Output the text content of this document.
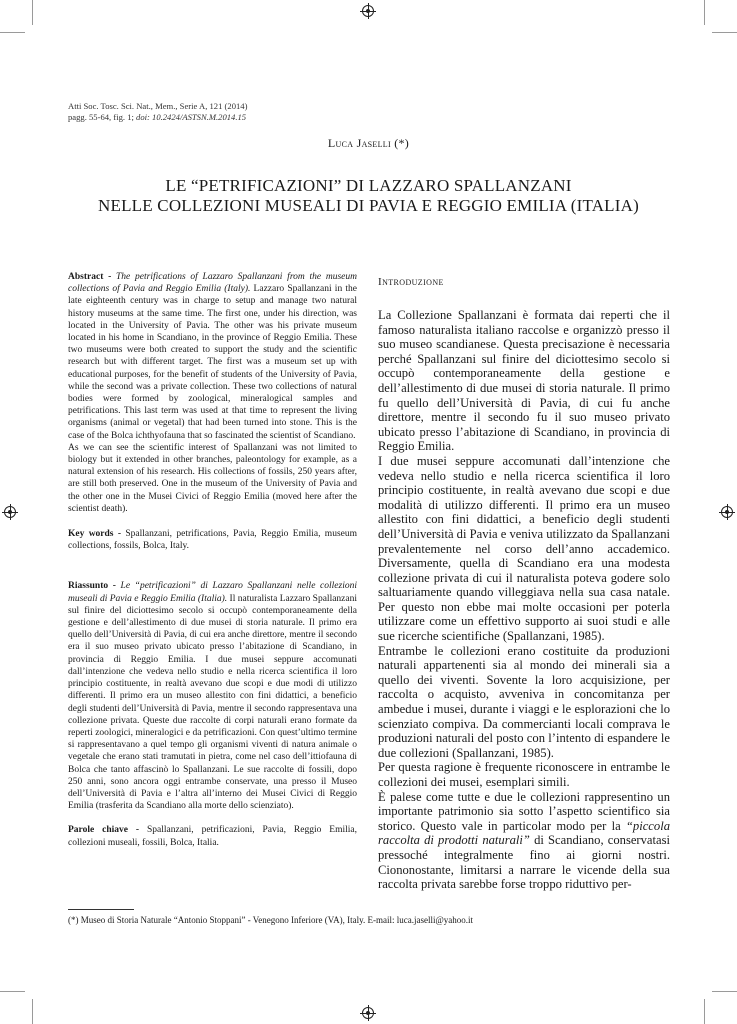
Atti Soc. Tosc. Sci. Nat., Mem., Serie A, 121 (2014)
pagg. 55-64, fig. 1; doi: 10.2424/ASTSN.M.2014.15
Luca Jaselli (*)
LE “PETRIFICAZIONI” DI LAZZARO SPALLANZANI
NELLE COLLEZIONI MUSEALI DI PAVIA E REGGIO EMILIA (ITALIA)

Abstract - The petrifications of Lazzaro Spallanzani from the museum collections of Pavia and Reggio Emilia (Italy). Lazzaro Spallanzani in the late eighteenth century was in charge to setup and manage two natural history museums at the same time. The first one, under his direction, was located in the University of Pavia. The other was his private museum located in his home in Scandiano, in the province of Reggio Emilia. These two museums were both created to support the study and the scientific research but with different target. The first was a museum set up with educational purposes, for the benefit of students of the University of Pavia, while the second was a private collection. These two collections of natural bodies were formed by zoological, mineralogical samples and petrifications. This last term was used at that time to represent the living organisms (animal or vegetal) that had been turned into stone. This is the case of the Bolca ichthyofauna that so fascinated the scientist of Scandiano.

As we can see the scientific interest of Spallanzani was not limited to biology but it extended in other branches, paleontology for example, as a natural extension of his research. His collections of fossils, 250 years after, are still both preserved. One in the museum of the University of Pavia and the other one in the Musei Civici of Reggio Emilia (moved here after the scientist death).

Key words - Spallanzani, petrifications, Pavia, Reggio Emilia, museum collections, fossils, Bolca, Italy.

Riassunto - Le “petrificazioni” di Lazzaro Spallanzani nelle collezioni museali di Pavia e Reggio Emilia (Italia). Il naturalista Lazzaro Spallanzani sul finire del diciottesimo secolo si occupò contemporaneamente della gestione e dell’allestimento di due musei di storia naturale. Il primo era quello dell’Università di Pavia, di cui era anche direttore, mentre il secondo era il suo museo privato ubicato presso l’abitazione di Scandiano, in provincia di Reggio Emilia. I due musei seppure accomunati dall’intenzione che vedeva nello studio e nella ricerca scientifica il loro principio costituente, in realtà avevano due scopi e due modi di utilizzo differenti. Il primo era un museo allestito con fini didattici, a beneficio degli studenti dell’Università di Pavia, mentre il secondo rappresentava una collezione privata. Queste due raccolte di corpi naturali erano formate da reperti zoologici, mineralogici e da petrificazioni. Con quest’ultimo termine si rappresentavano a quel tempo gli organismi viventi di natura animale o vegetale che erano stati tramutati in pietra, come nel caso dell’ittiofauna di Bolca che tanto affascinò lo Spallanzani. Le sue raccolte di fossili, dopo 250 anni, sono ancora oggi entrambe conservate, una presso il Museo dell’Università di Pavia e l’altra all’interno dei Musei Civici di Reggio Emilia (trasferita da Scandiano alla morte dello scienziato).

Parole chiave - Spallanzani, petrificazioni, Pavia, Reggio Emilia, collezioni museali, fossili, Bolca, Italia.

Introduzione

La Collezione Spallanzani è formata dai reperti che il famoso naturalista italiano raccolse e organizzò presso il suo museo scandianese. Questa precisazione è necessaria perché Spallanzani sul finire del diciottesimo secolo si occupò contemporaneamente della gestione e dell’allestimento di due musei di storia naturale. Il primo fu quello dell’Università di Pavia, di cui fu anche direttore, mentre il secondo fu il suo museo privato ubicato presso l’abitazione di Scandiano, in provincia di Reggio Emilia.

I due musei seppure accomunati dall’intenzione che vedeva nello studio e nella ricerca scientifica il loro principio costituente, in realtà avevano due scopi e due modalità di utilizzo differenti. Il primo era un museo allestito con fini didattici, a beneficio degli studenti dell’Università di Pavia e veniva utilizzato da Spallanzani prevalentemente nel corso dell’anno accademico. Diversamente, quella di Scandiano era una modesta collezione privata di cui il naturalista poteva godere solo saltuariamente quando villeggiava nella sua casa natale. Per questo non ebbe mai molte occasioni per poterla utilizzare come un effettivo supporto ai suoi studi e alle sue ricerche scientifiche (Spallanzani, 1985).

Entrambe le collezioni erano costituite da produzioni naturali appartenenti sia al mondo dei minerali sia a quello dei viventi. Sovente la loro acquisizione, per raccolta o acquisto, avveniva in concomitanza per ambedue i musei, durante i viaggi e le esplorazioni che lo scienziato compiva. Da commercianti locali comprava le produzioni naturali del posto con l’intento di espandere le due collezioni (Spallanzani, 1985).

Per questa ragione è frequente riconoscere in entrambe le collezioni dei musei, esemplari simili.

È palese come tutte e due le collezioni rappresentino un importante patrimonio sia sotto l’aspetto scientifico sia storico. Questo vale in particolar modo per la “piccola raccolta di prodotti naturali” di Scandiano, conservatasi pressoché integralmente fino ai giorni nostri. Ciononostante, limitarsi a narrare le vicende della sua raccolta privata sarebbe forse troppo riduttivo per-

(*) Museo di Storia Naturale “Antonio Stoppani” - Venegono Inferiore (VA), Italy. E-mail: luca.jaselli@yahoo.it
